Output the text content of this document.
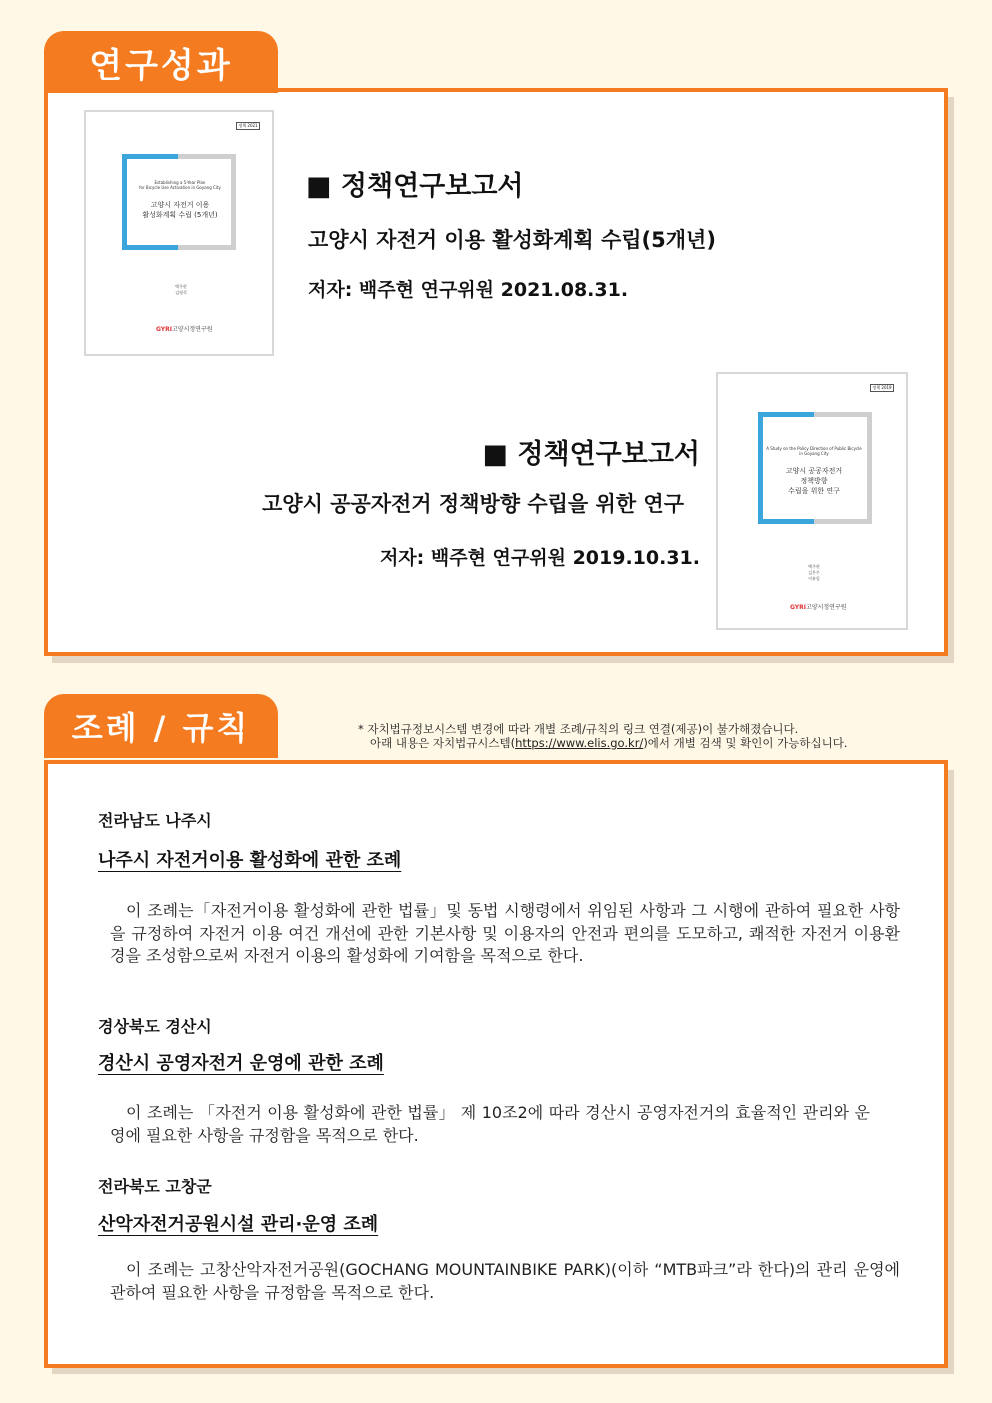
연구성과
정책 2021
Establishing a 5-Year Plan
for Bicycle Use Activation in Goyang City
고양시 자전거 이용
활성화계획 수립 (5개년)
백주현
김영석
GYRI고양시정연구원
■ 정책연구보고서
고양시 자전거 이용 활성화계획 수립(5개년)
저자: 백주현 연구위원 2021.08.31.
정책 2019
A Study on the Policy Direction of Public Bicycle
in Goyang City
고양시 공공자전거
정책방향
수립을 위한 연구
백주현
김은주
이유림
GYRI고양시정연구원
■ 정책연구보고서
고양시 공공자전거 정책방향 수립을 위한 연구
저자: 백주현 연구위원 2019.10.31.
조례 / 규칙	* 자치법규정보시스템 변경에 따라 개별 조례/규칙의 링크 연결(제공)이 불가해졌습니다.
아래 내용은 자치법규시스템(https://www.elis.go.kr/)에서 개별 검색 및 확인이 가능하십니다.
전라남도 나주시
나주시 자전거이용 활성화에 관한 조례
이 조례는「자전거이용 활성화에 관한 법률」및 동법 시행령에서 위임된 사항과 그 시행에 관하여 필요한 사항을 규정하여 자전거 이용 여건 개선에 관한 기본사항 및 이용자의 안전과 편의를 도모하고, 쾌적한 자전거 이용환경을 조성함으로써 자전거 이용의 활성화에 기여함을 목적으로 한다.
경상북도 경산시
경산시 공영자전거 운영에 관한 조례
이 조례는 「자전거 이용 활성화에 관한 법률」 제 10조2에 따라 경산시 공영자전거의 효율적인 관리와 운영에 필요한 사항을 규정함을 목적으로 한다.
전라북도 고창군
산악자전거공원시설 관리·운영 조례
이 조례는 고창산악자전거공원(GOCHANG MOUNTAINBIKE PARK)(이하 “MTB파크”라 한다)의 관리 운영에 관하여 필요한 사항을 규정함을 목적으로 한다.
